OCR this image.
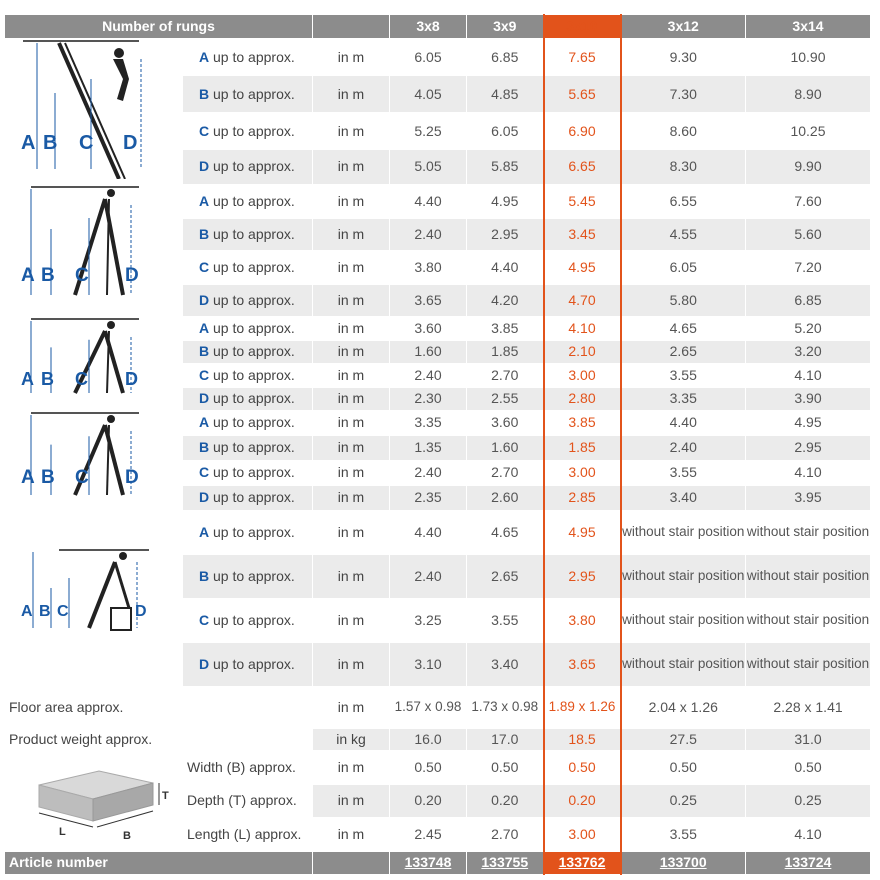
Number of rungs			3x8	3x9	3x10	3x12	3x14

A B C D	A up to approx.	in m	6.05	6.85	7.65	9.30	10.90
	B up to approx.	in m	4.05	4.85	5.65	7.30	8.90
	C up to approx.	in m	5.25	6.05	6.90	8.60	10.25
	D up to approx.	in m	5.05	5.85	6.65	8.30	9.90

A B C D	A up to approx.	in m	4.40	4.95	5.45	6.55	7.60
	B up to approx.	in m	2.40	2.95	3.45	4.55	5.60
	C up to approx.	in m	3.80	4.40	4.95	6.05	7.20
	D up to approx.	in m	3.65	4.20	4.70	5.80	6.85

A B C D	A up to approx.	in m	3.60	3.85	4.10	4.65	5.20
	B up to approx.	in m	1.60	1.85	2.10	2.65	3.20
	C up to approx.	in m	2.40	2.70	3.00	3.55	4.10
	D up to approx.	in m	2.30	2.55	2.80	3.35	3.90

A B C D	A up to approx.	in m	3.35	3.60	3.85	4.40	4.95
	B up to approx.	in m	1.35	1.60	1.85	2.40	2.95
	C up to approx.	in m	2.40	2.70	3.00	3.55	4.10
	D up to approx.	in m	2.35	2.60	2.85	3.40	3.95

A B C D	A up to approx.	in m	4.40	4.65	4.95	without stair position	without stair position
	B up to approx.	in m	2.40	2.65	2.95	without stair position	without stair position
	C up to approx.	in m	3.25	3.55	3.80	without stair position	without stair position
	D up to approx.	in m	3.10	3.40	3.65	without stair position	without stair position
Floor area approx.		in m	1.57 x 0.98	1.73 x 0.98	1.89 x 1.26	2.04 x 1.26	2.28 x 1.41
Product weight approx.		in kg	16.0	17.0	18.5	27.5	31.0

T
L B	Width (B) approx.	in m	0.50	0.50	0.50	0.50	0.50
	Depth (T) approx.	in m	0.20	0.20	0.20	0.25	0.25
	Length (L) approx.	in m	2.45	2.70	3.00	3.55	4.10
Article number			133748	133755	133762	133700	133724
